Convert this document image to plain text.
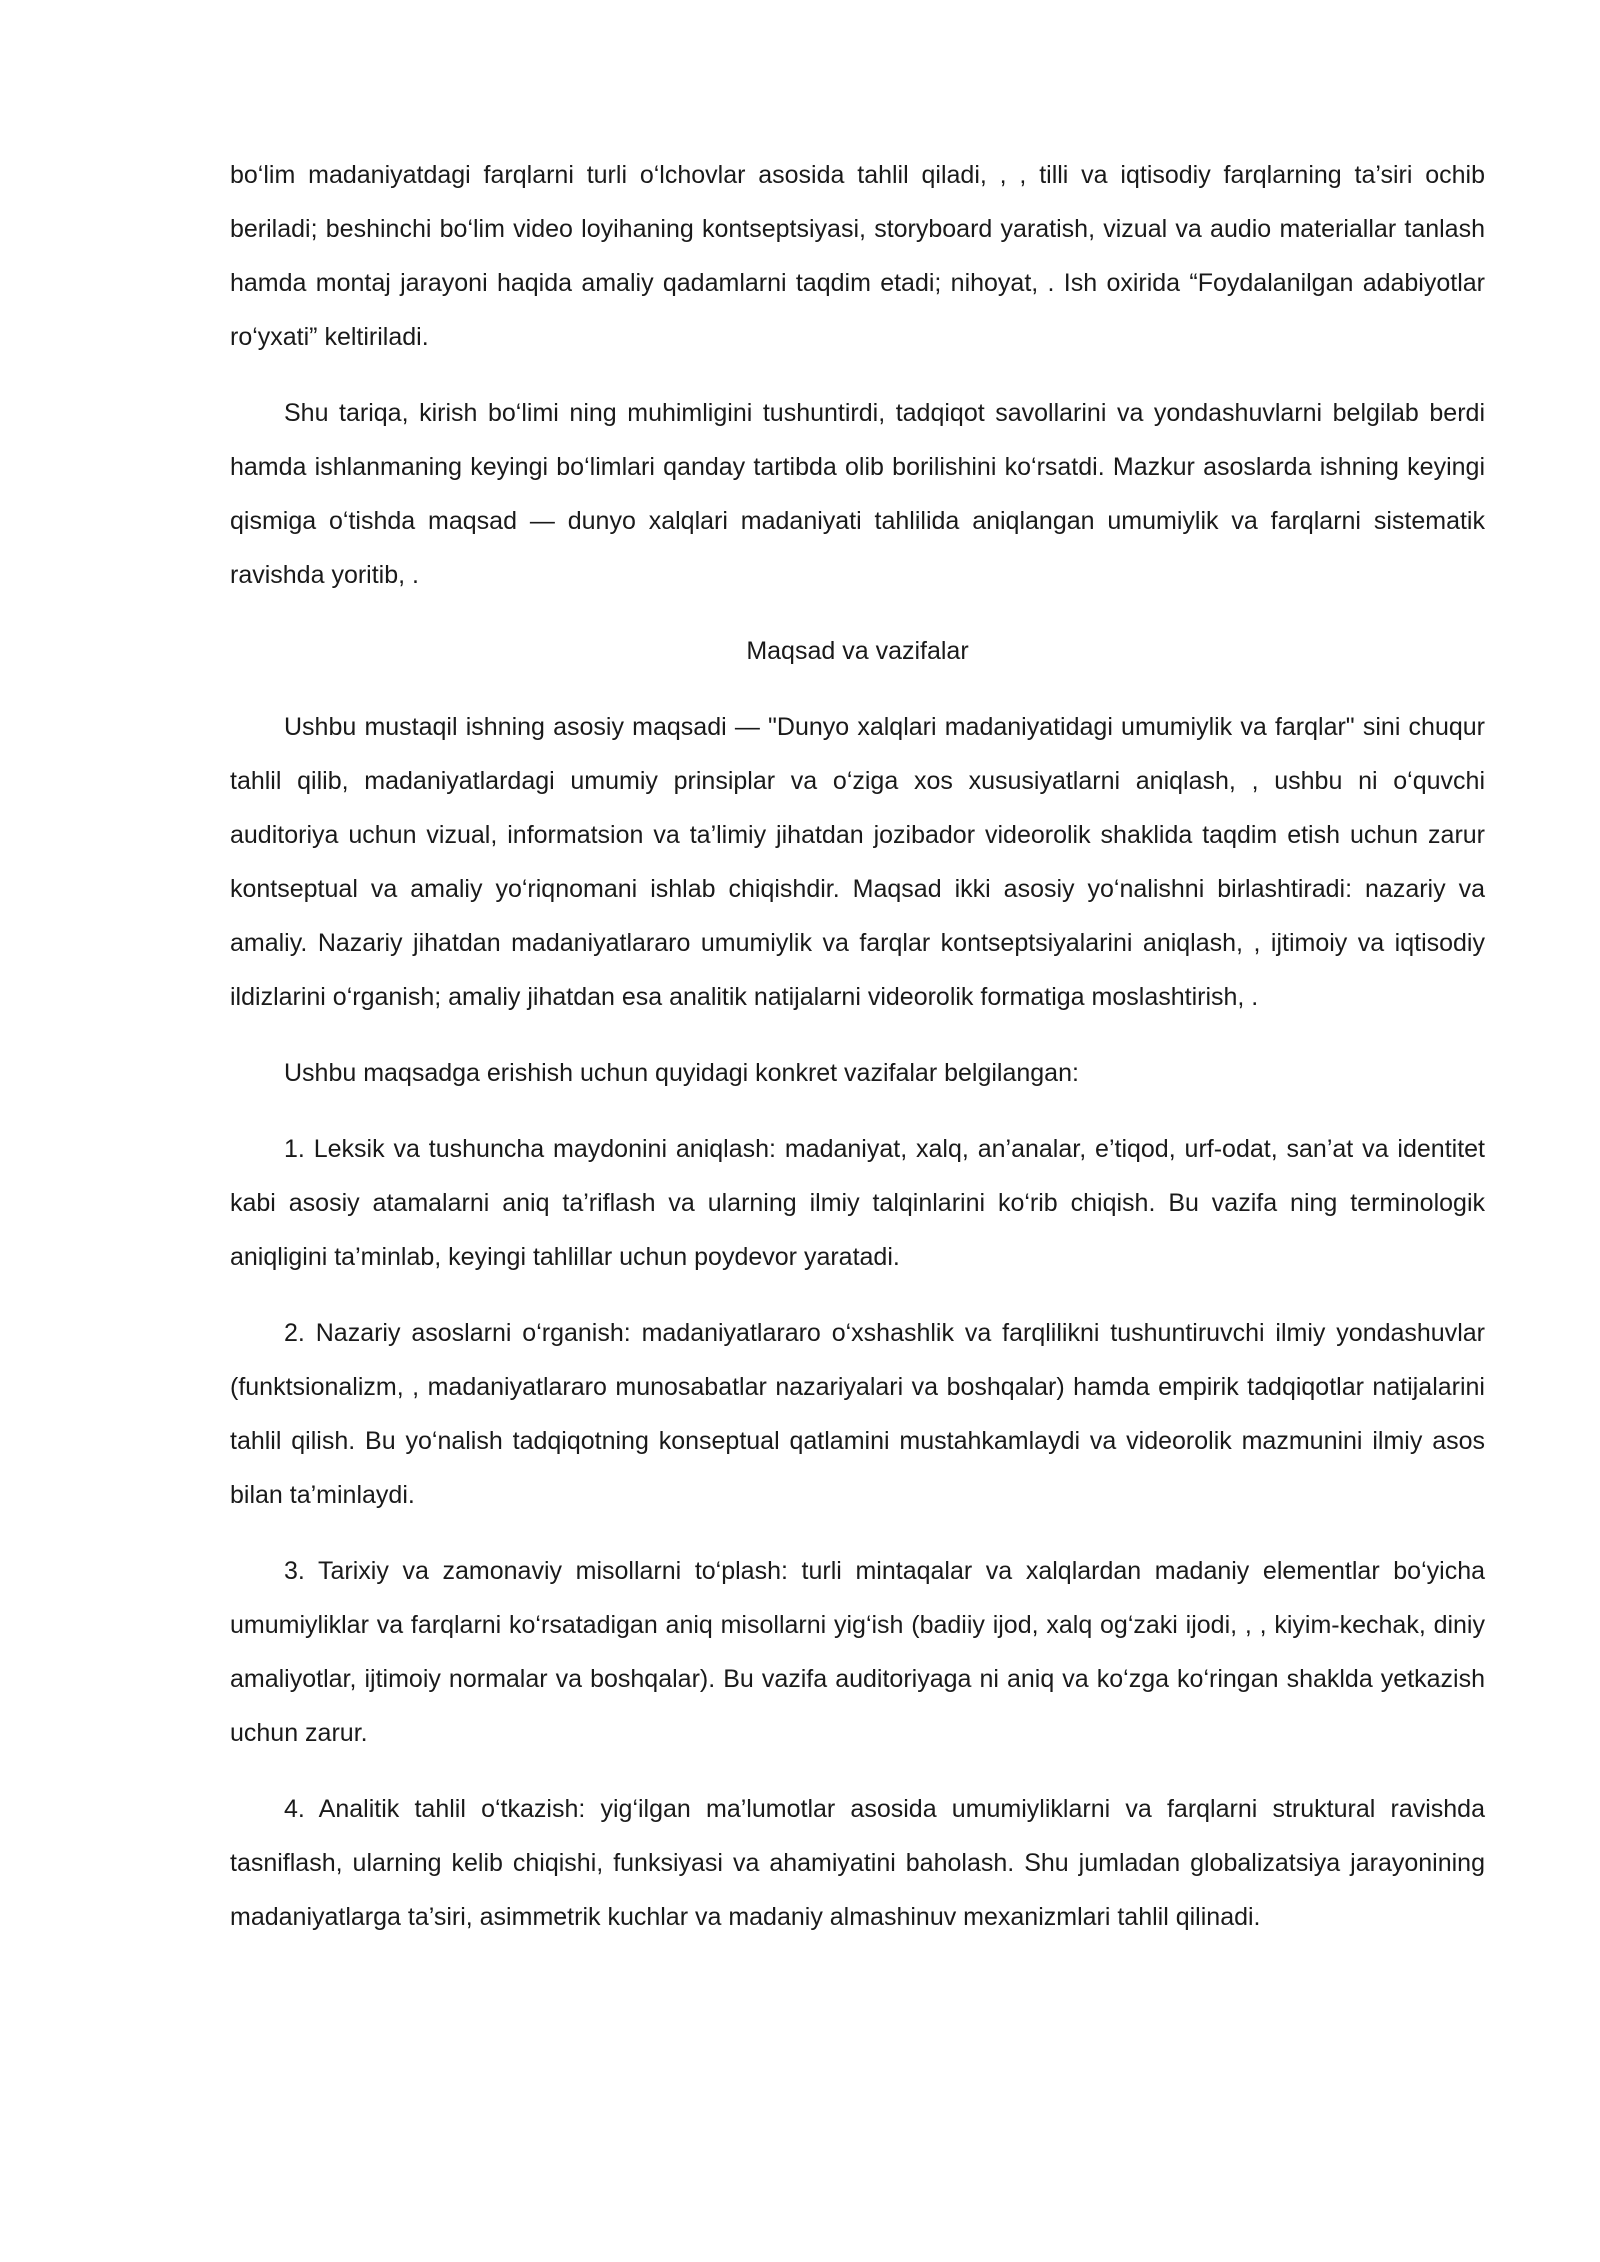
bo‘lim madaniyatdagi farqlarni turli o‘lchovlar asosida tahlil qiladi, , , tilli va iqtisodiy farqlarning ta’siri ochib beriladi; beshinchi bo‘lim video loyihaning kontseptsiyasi, storyboard yaratish, vizual va audio materiallar tanlash hamda montaj jarayoni haqida amaliy qadamlarni taqdim etadi; nihoyat, . Ish oxirida “Foydalanilgan adabiyotlar ro‘yxati” keltiriladi.

Shu tariqa, kirish bo‘limi ning muhimligini tushuntirdi, tadqiqot savollarini va yondashuvlarni belgilab berdi hamda ishlanmaning keyingi bo‘limlari qanday tartibda olib borilishini ko‘rsatdi. Mazkur asoslarda ishning keyingi qismiga o‘tishda maqsad — dunyo xalqlari madaniyati tahlilida aniqlangan umumiylik va farqlarni sistematik ravishda yoritib, .

Maqsad va vazifalar

Ushbu mustaqil ishning asosiy maqsadi — "Dunyo xalqlari madaniyatidagi umumiylik va farqlar" sini chuqur tahlil qilib, madaniyatlardagi umumiy prinsiplar va o‘ziga xos xususiyatlarni aniqlash, , ushbu ni o‘quvchi auditoriya uchun vizual, informatsion va ta’limiy jihatdan jozibador videorolik shaklida taqdim etish uchun zarur kontseptual va amaliy yo‘riqnomani ishlab chiqishdir. Maqsad ikki asosiy yo‘nalishni birlashtiradi: nazariy va amaliy. Nazariy jihatdan madaniyatlararo umumiylik va farqlar kontseptsiyalarini aniqlash, , ijtimoiy va iqtisodiy ildizlarini o‘rganish; amaliy jihatdan esa analitik natijalarni videorolik formatiga moslashtirish, .

Ushbu maqsadga erishish uchun quyidagi konkret vazifalar belgilangan:

1. Leksik va tushuncha maydonini aniqlash: madaniyat, xalq, an’analar, e’tiqod, urf-odat, san’at va identitet kabi asosiy atamalarni aniq ta’riflash va ularning ilmiy talqinlarini ko‘rib chiqish. Bu vazifa ning terminologik aniqligini ta’minlab, keyingi tahlillar uchun poydevor yaratadi.

2. Nazariy asoslarni o‘rganish: madaniyatlararo o‘xshashlik va farqlilikni tushuntiruvchi ilmiy yondashuvlar (funktsionalizm, , madaniyatlararo munosabatlar nazariyalari va boshqalar) hamda empirik tadqiqotlar natijalarini tahlil qilish. Bu yo‘nalish tadqiqotning konseptual qatlamini mustahkamlaydi va videorolik mazmunini ilmiy asos bilan ta’minlaydi.

3. Tarixiy va zamonaviy misollarni to‘plash: turli mintaqalar va xalqlardan madaniy elementlar bo‘yicha umumiyliklar va farqlarni ko‘rsatadigan aniq misollarni yig‘ish (badiiy ijod, xalq og‘zaki ijodi, , , kiyim-kechak, diniy amaliyotlar, ijtimoiy normalar va boshqalar). Bu vazifa auditoriyaga ni aniq va ko‘zga ko‘ringan shaklda yetkazish uchun zarur.

4. Analitik tahlil o‘tkazish: yig‘ilgan ma’lumotlar asosida umumiyliklarni va farqlarni struktural ravishda tasniflash, ularning kelib chiqishi, funksiyasi va ahamiyatini baholash. Shu jumladan globalizatsiya jarayonining madaniyatlarga ta’siri, asimmetrik kuchlar va madaniy almashinuv mexanizmlari tahlil qilinadi.
